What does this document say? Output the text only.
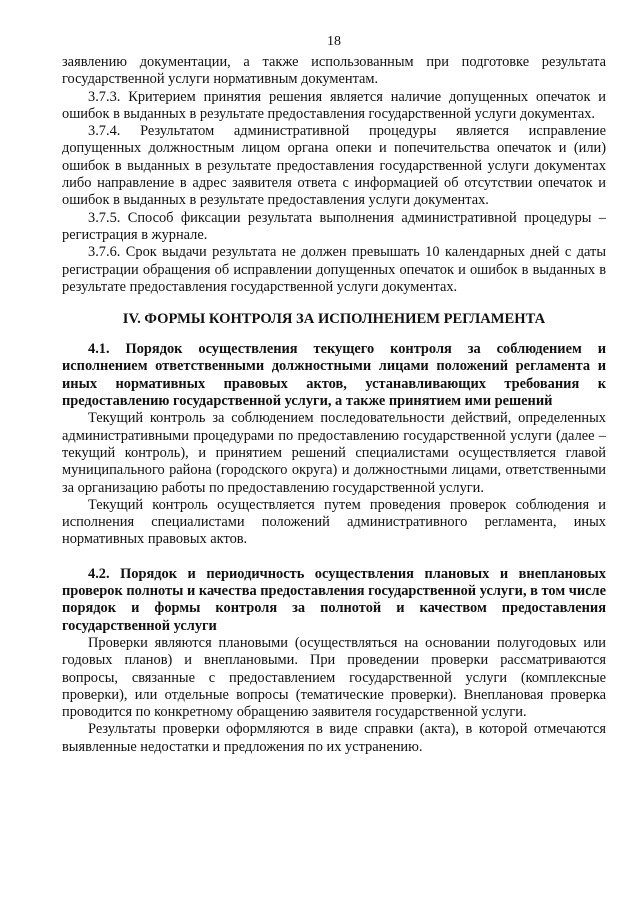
18

заявлению документации, а также использованным при подготовке результата государственной услуги нормативным документам.

3.7.3. Критерием принятия решения является наличие допущенных опечаток и ошибок в выданных в результате предоставления государственной услуги документах.

3.7.4. Результатом административной процедуры является исправление допущенных должностным лицом органа опеки и попечительства опечаток и (или) ошибок в выданных в результате предоставления государственной услуги документах либо направление в адрес заявителя ответа с информацией об отсутствии опечаток и ошибок в выданных в результате предоставления услуги документах.

3.7.5. Способ фиксации результата выполнения административной процедуры – регистрация в журнале.

3.7.6. Срок выдачи результата не должен превышать 10 календарных дней с даты регистрации обращения об исправлении допущенных опечаток и ошибок в выданных в результате предоставления государственной услуги документах.

IV. ФОРМЫ КОНТРОЛЯ ЗА ИСПОЛНЕНИЕМ РЕГЛАМЕНТА

4.1. Порядок осуществления текущего контроля за соблюдением и исполнением ответственными должностными лицами положений регламента и иных нормативных правовых актов, устанавливающих требования к предоставлению государственной услуги, а также принятием ими решений

Текущий контроль за соблюдением последовательности действий, определенных административными процедурами по предоставлению государственной услуги (далее – текущий контроль), и принятием решений специалистами осуществляется главой муниципального района (городского округа) и должностными лицами, ответственными за организацию работы по предоставлению государственной услуги.

Текущий контроль осуществляется путем проведения проверок соблюдения и исполнения специалистами положений административного регламента, иных нормативных правовых актов.

4.2. Порядок и периодичность осуществления плановых и внеплановых проверок полноты и качества предоставления государственной услуги, в том числе порядок и формы контроля за полнотой и качеством предоставления государственной услуги

Проверки являются плановыми (осуществляться на основании полугодовых или годовых планов) и внеплановыми. При проведении проверки рассматриваются вопросы, связанные с предоставлением государственной услуги (комплексные проверки), или отдельные вопросы (тематические проверки). Внеплановая проверка проводится по конкретному обращению заявителя государственной услуги.

Результаты проверки оформляются в виде справки (акта), в которой отмечаются выявленные недостатки и предложения по их устранению.
